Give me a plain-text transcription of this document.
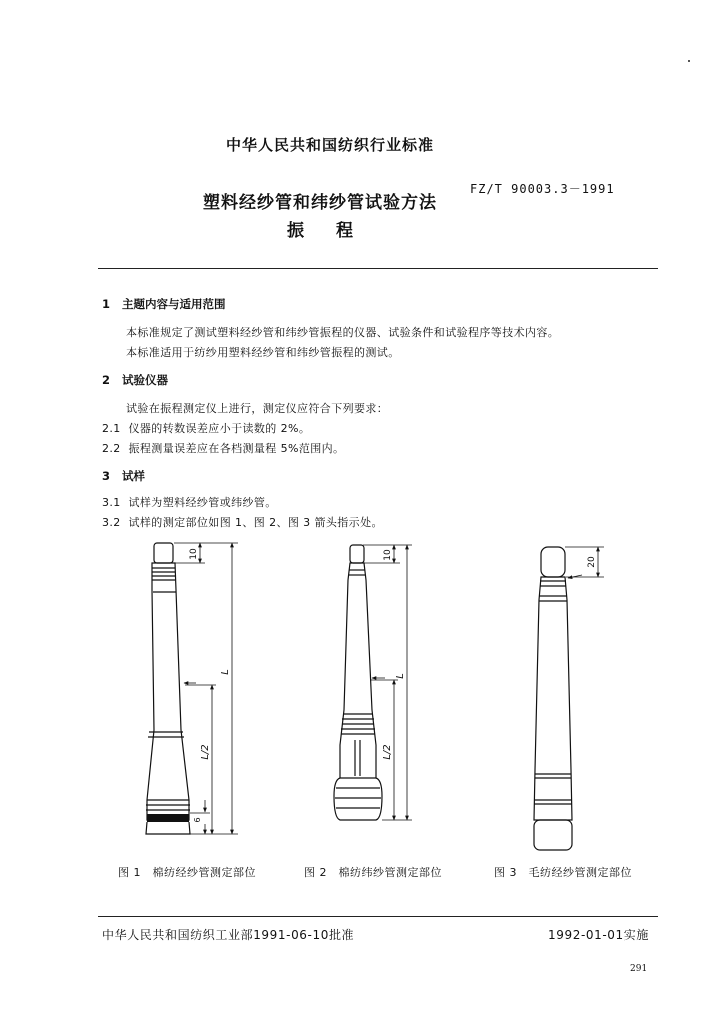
中华人民共和国纺织行业标准
塑料经纱管和纬纱管试验方法
振程
FZ/T 90003.3－1991
1 主题内容与适用范围
本标准规定了测试塑料经纱管和纬纱管振程的仪器、试验条件和试验程序等技术内容。
本标准适用于纺纱用塑料经纱管和纬纱管振程的测试。
2 试验仪器
试验在振程测定仪上进行，测定仪应符合下列要求：
2.1 仪器的转数误差应小于读数的 2%。
2.2 振程测量误差应在各档测量程 5%范围内。
3 试样
3.1 试样为塑料经纱管或纬纱管。
3.2 试样的测定部位如图 1、图 2、图 3 箭头指示处。
10
L
L/2
6
10
L
L/2
20
图 1　棉纺经纱管测定部位	图 2　棉纺纬纱管测定部位	图 3　毛纺经纱管测定部位
中华人民共和国纺织工业部1991-06-10批准	1992-01-01实施
291
